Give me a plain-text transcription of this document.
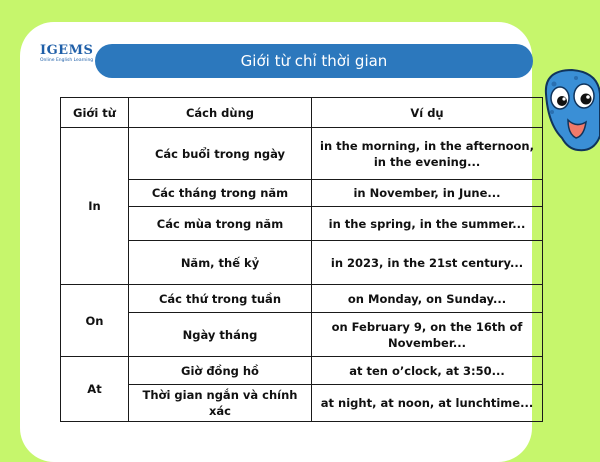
IGEMS
Online English Learning	Giới từ chỉ thời gian
Giới từ	Cách dùng	Ví dụ
In	Các buổi trong ngày	in the morning, in the afternoon, in the evening...
	Các tháng trong năm	in November, in June...
	Các mùa trong năm	in the spring, in the summer...
	Năm, thế kỷ	in 2023, in the 21st century...
On	Các thứ trong tuần	on Monday, on Sunday...
	Ngày tháng	on February 9, on the 16th of November...
At	Giờ đồng hồ	at ten o’clock, at 3:50...
	Thời gian ngắn và chính xác	at night, at noon, at lunchtime...
